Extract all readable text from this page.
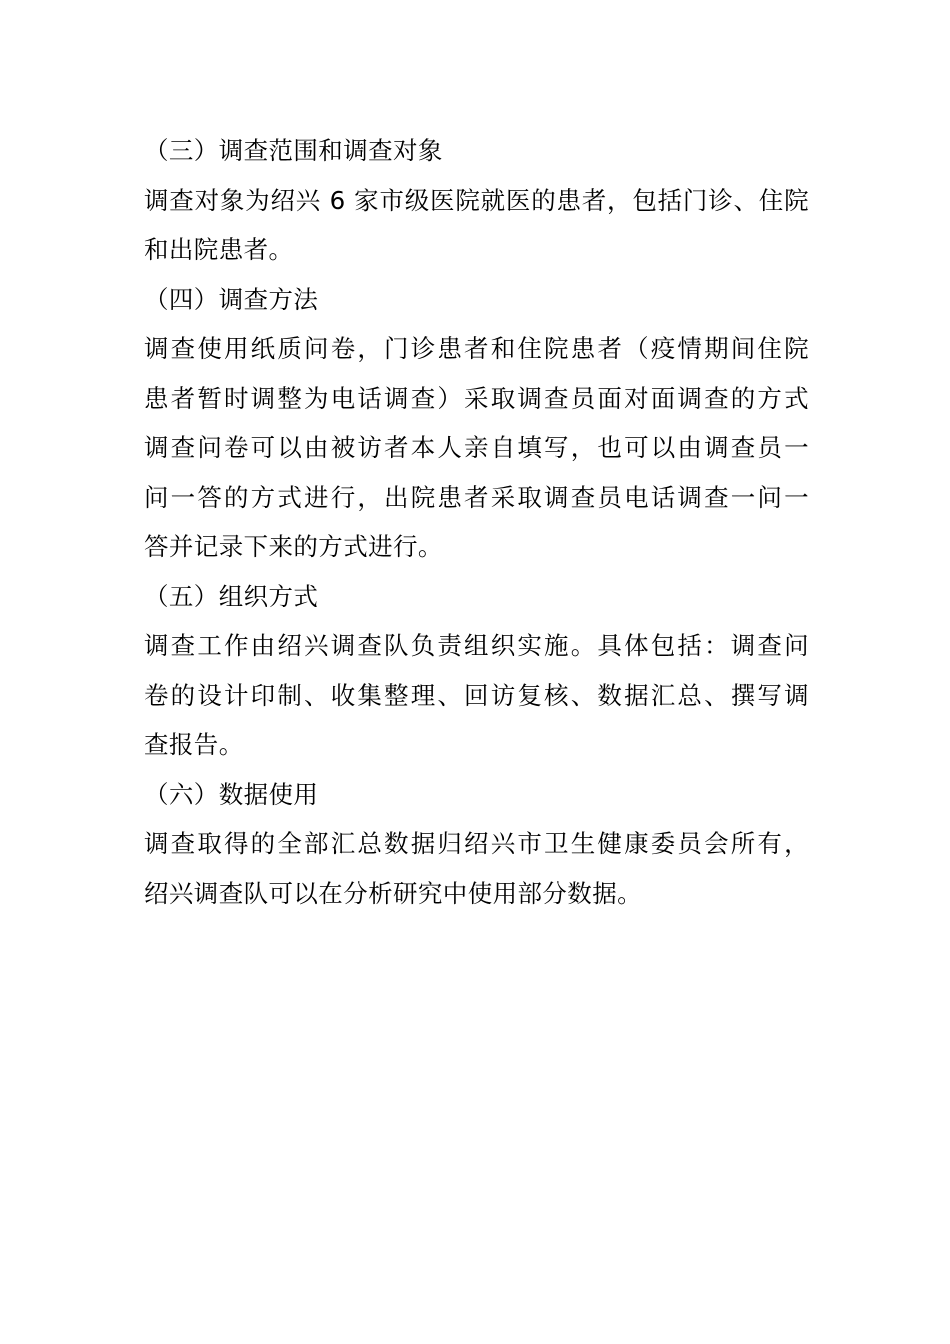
（三）调查范围和调查对象
调查对象为绍兴 6 家市级医院就医的患者，包括门诊、住院
和出院患者。
（四）调查方法
调查使用纸质问卷，门诊患者和住院患者（疫情期间住院
患者暂时调整为电话调查）采取调查员面对面调查的方式
调查问卷可以由被访者本人亲自填写，也可以由调查员一
问一答的方式进行，出院患者采取调查员电话调查一问一
答并记录下来的方式进行。
（五）组织方式
调查工作由绍兴调查队负责组织实施。具体包括：调查问
卷的设计印制、收集整理、回访复核、数据汇总、撰写调
查报告。
（六）数据使用
调查取得的全部汇总数据归绍兴市卫生健康委员会所有，
绍兴调查队可以在分析研究中使用部分数据。
